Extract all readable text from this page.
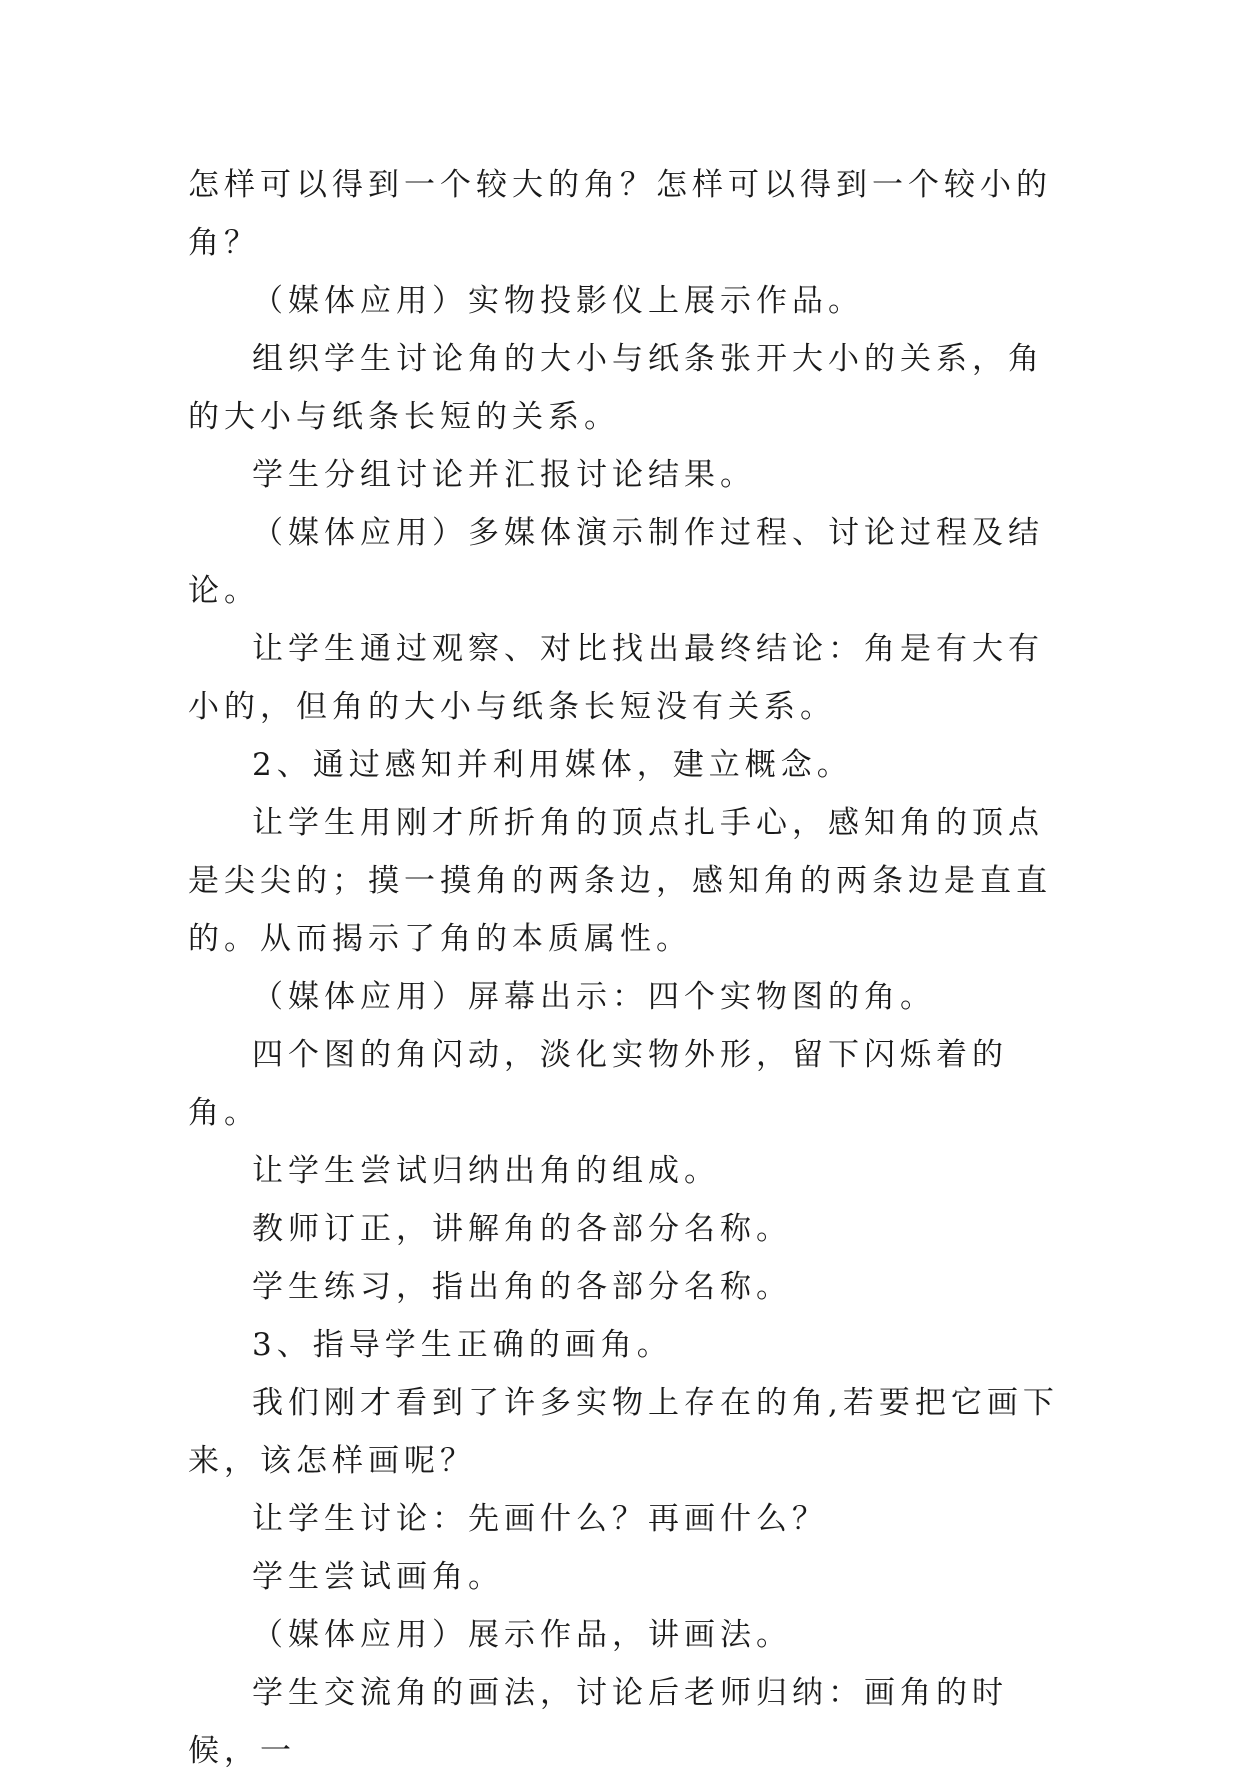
怎样可以得到一个较大的角？怎样可以得到一个较小的角？

（媒体应用）实物投影仪上展示作品。

组织学生讨论角的大小与纸条张开大小的关系，角的大小与纸条长短的关系。

学生分组讨论并汇报讨论结果。

（媒体应用）多媒体演示制作过程、讨论过程及结论。

让学生通过观察、对比找出最终结论：角是有大有小的，但角的大小与纸条长短没有关系。

2、通过感知并利用媒体，建立概念。

让学生用刚才所折角的顶点扎手心，感知角的顶点是尖尖的；摸一摸角的两条边，感知角的两条边是直直的。从而揭示了角的本质属性。

（媒体应用）屏幕出示：四个实物图的角。

四个图的角闪动，淡化实物外形，留下闪烁着的角。

让学生尝试归纳出角的组成。

教师订正，讲解角的各部分名称。

学生练习，指出角的各部分名称。

3、指导学生正确的画角。

我们刚才看到了许多实物上存在的角,若要把它画下来，该怎样画呢？

让学生讨论：先画什么？再画什么？

学生尝试画角。

（媒体应用）展示作品，讲画法。

学生交流角的画法，讨论后老师归纳：画角的时候，一
